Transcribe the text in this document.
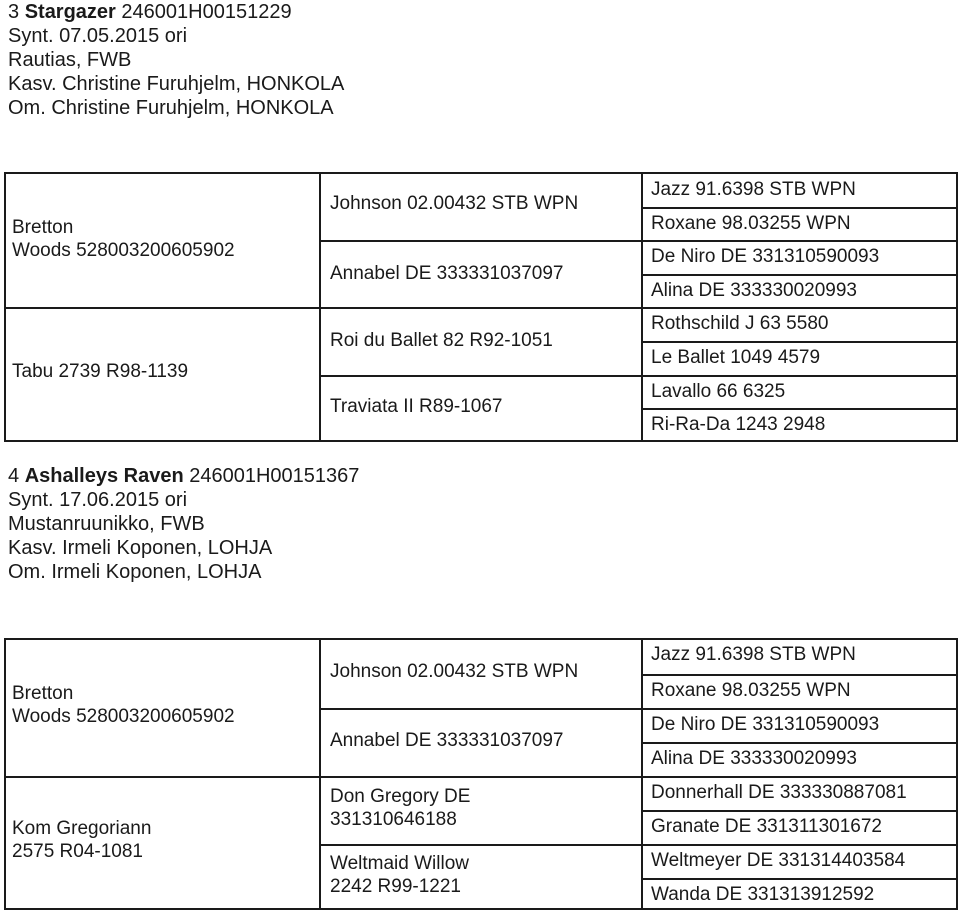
3 Stargazer 246001H00151229
Synt. 07.05.2015 ori
Rautias, FWB
Kasv. Christine Furuhjelm, HONKOLA
Om. Christine Furuhjelm, HONKOLA
Bretton
Woods 528003200605902
Tabu 2739 R98-1139
Johnson 02.00432 STB WPN
Annabel DE 333331037097
Roi du Ballet 82 R92-1051
Traviata II R89-1067
Jazz 91.6398 STB WPN
Roxane 98.03255 WPN
De Niro DE 331310590093
Alina DE 333330020993
Rothschild J 63 5580
Le Ballet 1049 4579
Lavallo 66 6325
Ri-Ra-Da 1243 2948
4 Ashalleys Raven 246001H00151367
Synt. 17.06.2015 ori
Mustanruunikko, FWB
Kasv. Irmeli Koponen, LOHJA
Om. Irmeli Koponen, LOHJA
Bretton
Woods 528003200605902
Kom Gregoriann
2575 R04-1081
Johnson 02.00432 STB WPN
Annabel DE 333331037097
Don Gregory DE
331310646188
Weltmaid Willow
2242 R99-1221
Jazz 91.6398 STB WPN
Roxane 98.03255 WPN
De Niro DE 331310590093
Alina DE 333330020993
Donnerhall DE 333330887081
Granate DE 331311301672
Weltmeyer DE 331314403584
Wanda DE 331313912592
